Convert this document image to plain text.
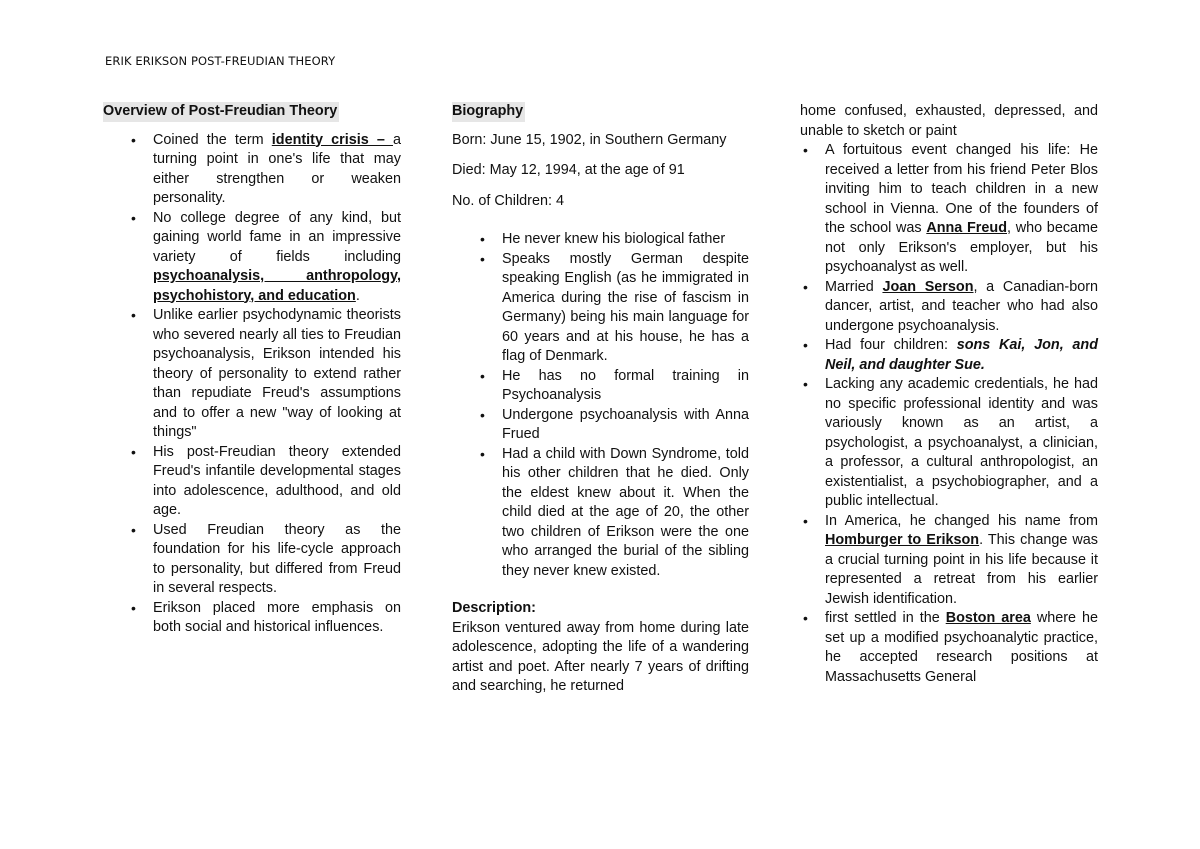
ERIK ERIKSON POST-FREUDIAN THEORY
Overview of Post-Freudian Theory
• Coined the term identity crisis – a turning point in one's life that may either strengthen or weaken personality.
• No college degree of any kind, but gaining world fame in an impressive variety of fields including psychoanalysis, anthropology, psychohistory, and education.
• Unlike earlier psychodynamic theorists who severed nearly all ties to Freudian psychoanalysis, Erikson intended his theory of personality to extend rather than repudiate Freud's assumptions and to offer a new "way of looking at things"
• His post-Freudian theory extended Freud's infantile developmental stages into adolescence, adulthood, and old age.
• Used Freudian theory as the foundation for his life-cycle approach to personality, but differed from Freud in several respects.
• Erikson placed more emphasis on both social and historical influences.
Biography
Born: June 15, 1902, in Southern Germany
Died: May 12, 1994, at the age of 91
No. of Children: 4
• He never knew his biological father
• Speaks mostly German despite speaking English (as he immigrated in America during the rise of fascism in Germany) being his main language for 60 years and at his house, he has a flag of Denmark.
• He has no formal training in Psychoanalysis
• Undergone psychoanalysis with Anna Frued
• Had a child with Down Syndrome, told his other children that he died. Only the eldest knew about it. When the child died at the age of 20, the other two children of Erikson were the one who arranged the burial of the sibling they never knew existed.
Description:
Erikson ventured away from home during late adolescence, adopting the life of a wandering artist and poet. After nearly 7 years of drifting and searching, he returned
home confused, exhausted, depressed, and unable to sketch or paint
• A fortuitous event changed his life: He received a letter from his friend Peter Blos inviting him to teach children in a new school in Vienna. One of the founders of the school was Anna Freud, who became not only Erikson's employer, but his psychoanalyst as well.
• Married Joan Serson, a Canadian-born dancer, artist, and teacher who had also undergone psychoanalysis.
• Had four children: sons Kai, Jon, and Neil, and daughter Sue.
• Lacking any academic credentials, he had no specific professional identity and was variously known as an artist, a psychologist, a psychoanalyst, a clinician, a professor, a cultural anthropologist, an existentialist, a psychobiographer, and a public intellectual.
• In America, he changed his name from Homburger to Erikson. This change was a crucial turning point in his life because it represented a retreat from his earlier Jewish identification.
• first settled in the Boston area where he set up a modified psychoanalytic practice, he accepted research positions at Massachusetts General
